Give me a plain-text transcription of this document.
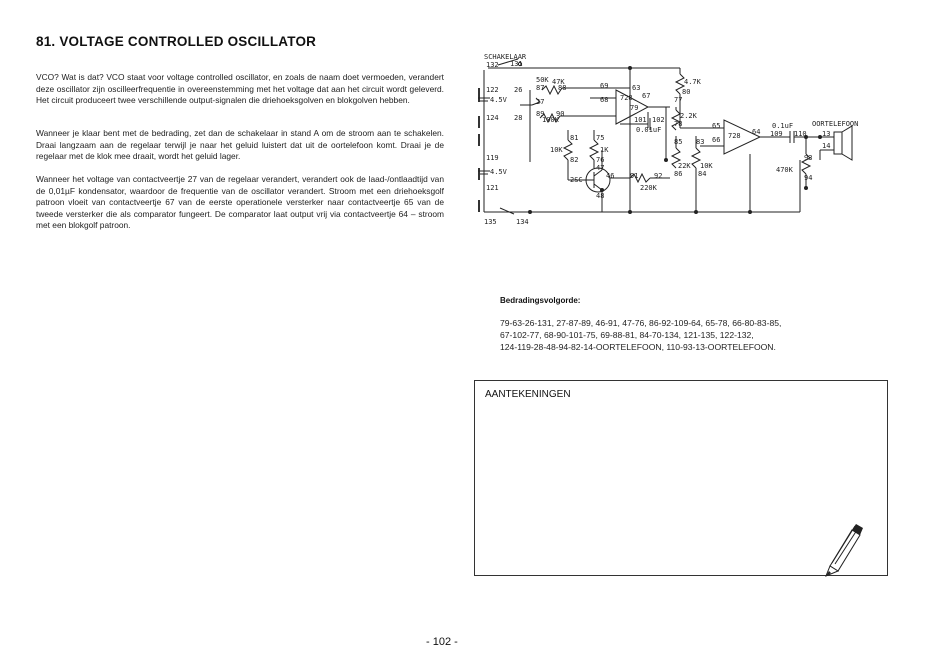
81. VOLTAGE CONTROLLED OSCILLATOR

VCO? Wat is dat? VCO staat voor voltage controlled oscillator, en zoals de naam doet vermoeden, verandert deze oscillator zijn oscilleerfrequentie in overeenstemming met het voltage dat aan het circuit wordt geleverd. Het circuit produceert twee verschillende output-signalen die driehoeksgolven en blokgolven hebben.

Wanneer je klaar bent met de bedrading, zet dan de schakelaar in stand A om de stroom aan te schakelen. Draai langzaam aan de regelaar terwijl je naar het geluid luistert dat uit de oortelefoon komt. Draai je de regelaar met de klok mee draait, wordt het geluid lager.

Wanneer het voltage van contactveertje 27 van de regelaar verandert, verandert ook de laad-/ontlaadtijd van de 0,01µF kondensator, waardoor de frequentie van de oscillator verandert. Stroom met een driehoeksgolf patroon vloeit van contactveertje 67 van de eerste operationele versterker naar contactveertje 65 van de tweede versterker die als comparator fungeert. De comparator laat output vrij via contactveertje 64 – stroom met een blokgolf patroon.

SCHAKELAAR
132 131
122 26
4.5V
124 28
119
4.5V
121
135	134
50K 47K
87 88
27
89 90
100K
69
68
63
67
728
79
77
2.2K
101 102
0.01uF
78
4.7K
80
81	75
10K	1K
82	76
47
2SC	46
48
91 92
220K
85 83
22K 10K
86 84
65
66 728 64
0.1uF
109 110
OORTELEFOON
13
14
93
470K
94
Bedradingsvolgorde:

79-63-26-131, 27-87-89, 46-91, 47-76, 86-92-109-64, 65-78, 66-80-83-85,

67-102-77, 68-90-101-75, 69-88-81, 84-70-134, 121-135, 122-132,

124-119-28-48-94-82-14-OORTELEFOON, 110-93-13-OORTELEFOON.

AANTEKENINGEN
- 102 -
